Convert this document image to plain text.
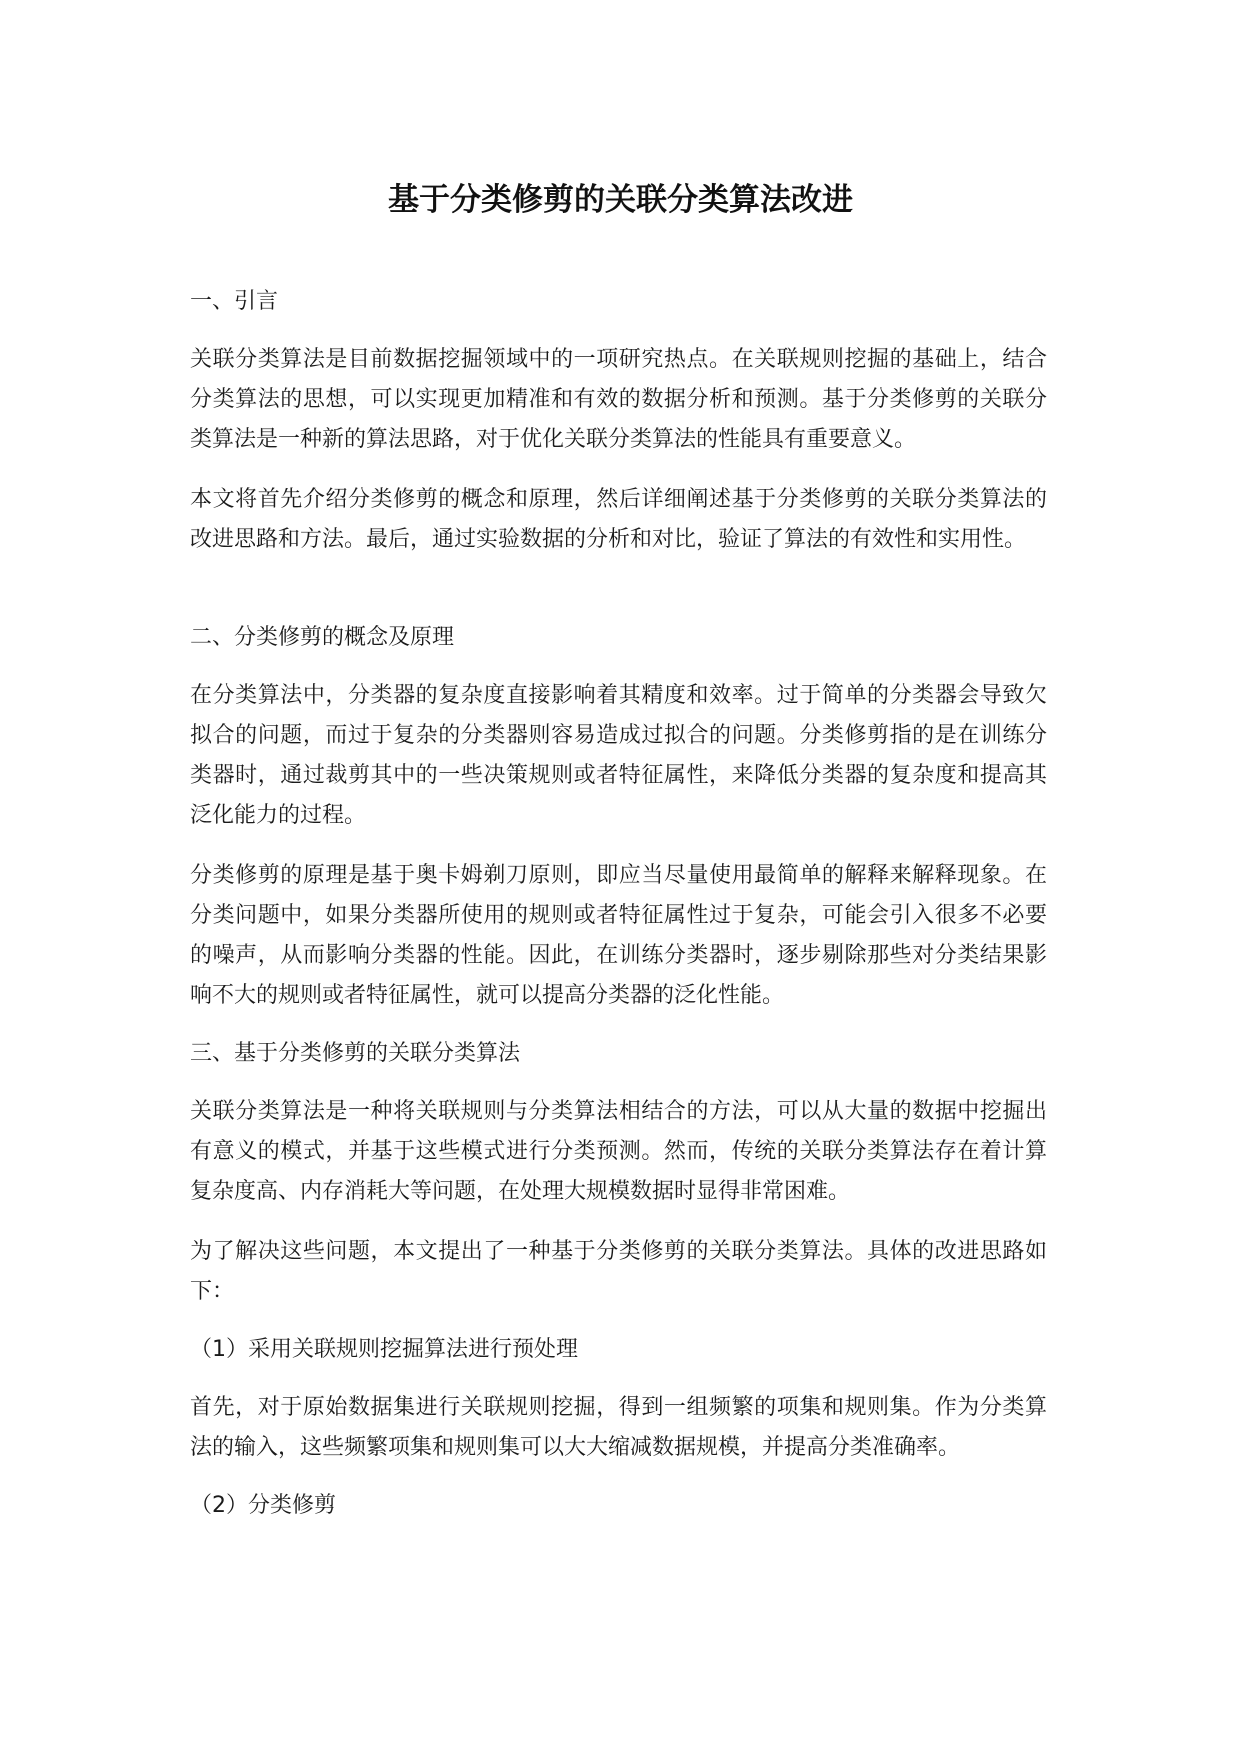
基于分类修剪的关联分类算法改进

一、引言

关联分类算法是目前数据挖掘领域中的一项研究热点。在关联规则挖掘的基础上，结合分类算法的思想，可以实现更加精准和有效的数据分析和预测。基于分类修剪的关联分类算法是一种新的算法思路，对于优化关联分类算法的性能具有重要意义。

本文将首先介绍分类修剪的概念和原理，然后详细阐述基于分类修剪的关联分类算法的改进思路和方法。最后，通过实验数据的分析和对比，验证了算法的有效性和实用性。

二、分类修剪的概念及原理

在分类算法中，分类器的复杂度直接影响着其精度和效率。过于简单的分类器会导致欠拟合的问题，而过于复杂的分类器则容易造成过拟合的问题。分类修剪指的是在训练分类器时，通过裁剪其中的一些决策规则或者特征属性，来降低分类器的复杂度和提高其泛化能力的过程。

分类修剪的原理是基于奥卡姆剃刀原则，即应当尽量使用最简单的解释来解释现象。在分类问题中，如果分类器所使用的规则或者特征属性过于复杂，可能会引入很多不必要的噪声，从而影响分类器的性能。因此，在训练分类器时，逐步剔除那些对分类结果影响不大的规则或者特征属性，就可以提高分类器的泛化性能。

三、基于分类修剪的关联分类算法

关联分类算法是一种将关联规则与分类算法相结合的方法，可以从大量的数据中挖掘出有意义的模式，并基于这些模式进行分类预测。然而，传统的关联分类算法存在着计算复杂度高、内存消耗大等问题，在处理大规模数据时显得非常困难。

为了解决这些问题，本文提出了一种基于分类修剪的关联分类算法。具体的改进思路如下：

（1）采用关联规则挖掘算法进行预处理

首先，对于原始数据集进行关联规则挖掘，得到一组频繁的项集和规则集。作为分类算法的输入，这些频繁项集和规则集可以大大缩减数据规模，并提高分类准确率。

（2）分类修剪
